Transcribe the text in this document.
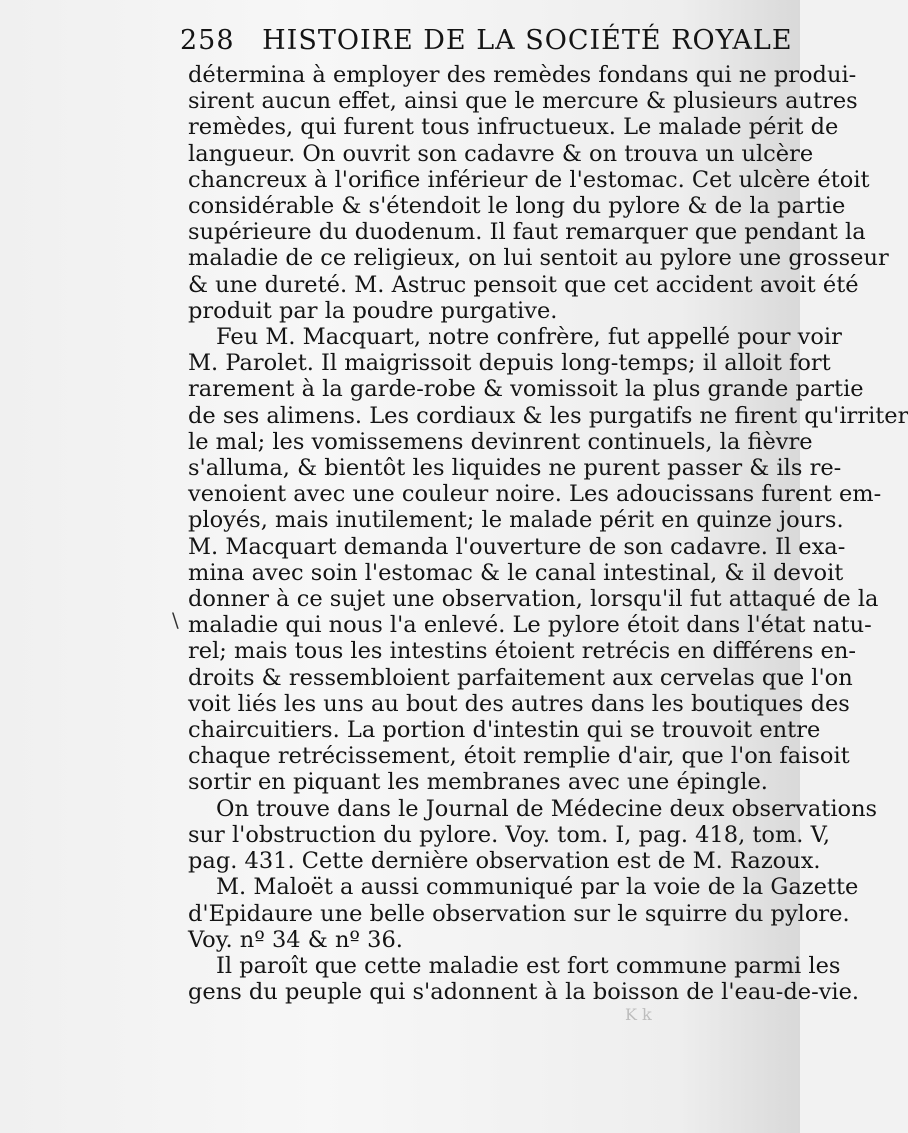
258 HISTOIRE DE LA SOCIÉTÉ ROYALE
\
détermina à employer des remèdes fondans qui ne produi-
sirent aucun effet, ainsi que le mercure & plusieurs autres
remèdes, qui furent tous infructueux. Le malade périt de
langueur. On ouvrit son cadavre & on trouva un ulcère
chancreux à l'orifice inférieur de l'estomac. Cet ulcère étoit
considérable & s'étendoit le long du pylore & de la partie
supérieure du duodenum. Il faut remarquer que pendant la
maladie de ce religieux, on lui sentoit au pylore une grosseur
& une dureté. M. Astruc pensoit que cet accident avoit été
produit par la poudre purgative.
Feu M. Macquart, notre confrère, fut appellé pour voir
M. Parolet. Il maigrissoit depuis long-temps; il alloit fort
rarement à la garde-robe & vomissoit la plus grande partie
de ses alimens. Les cordiaux & les purgatifs ne firent qu'irriter
le mal; les vomissemens devinrent continuels, la fièvre
s'alluma, & bientôt les liquides ne purent passer & ils re-
venoient avec une couleur noire. Les adoucissans furent em-
ployés, mais inutilement; le malade périt en quinze jours.
M. Macquart demanda l'ouverture de son cadavre. Il exa-
mina avec soin l'estomac & le canal intestinal, & il devoit
donner à ce sujet une observation, lorsqu'il fut attaqué de la
maladie qui nous l'a enlevé. Le pylore étoit dans l'état natu-
rel; mais tous les intestins étoient retrécis en différens en-
droits & ressembloient parfaitement aux cervelas que l'on
voit liés les uns au bout des autres dans les boutiques des
chaircuitiers. La portion d'intestin qui se trouvoit entre
chaque retrécissement, étoit remplie d'air, que l'on faisoit
sortir en piquant les membranes avec une épingle.
On trouve dans le Journal de Médecine deux observations
sur l'obstruction du pylore. Voy. tom. I, pag. 418, tom. V,
pag. 431. Cette dernière observation est de M. Razoux.
M. Maloët a aussi communiqué par la voie de la Gazette
d'Epidaure une belle observation sur le squirre du pylore.
Voy. nº 34 & nº 36.
Il paroît que cette maladie est fort commune parmi les
gens du peuple qui s'adonnent à la boisson de l'eau-de-vie.
K k
